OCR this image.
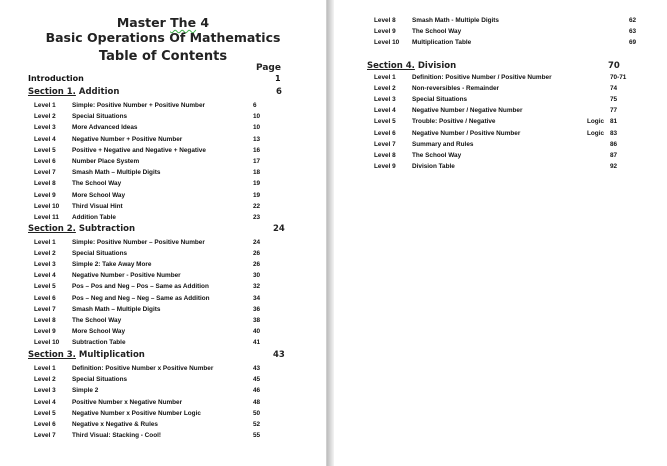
Master The 4
Basic Operations Of Mathematics
Table of Contents
Page
Introduction	1
Section 1. Addition	6
Level 1	Simple: Positive Number + Positive Number	6
Level 2	Special Situations	10
Level 3	More Advanced Ideas	10
Level 4	Negative Number + Positive Number	13
Level 5	Positive + Negative and Negative + Negative	16
Level 6	Number Place System	17
Level 7	Smash Math – Multiple Digits	18
Level 8	The School Way	19
Level 9	More School Way	19
Level 10 Third Visual Hint	22
Level 11 Addition Table	23
Section 2. Subtraction	24
Level 1	Simple: Positive Number – Positive Number	24
Level 2	Special Situations	26
Level 3	Simple 2: Take Away More	26
Level 4	Negative Number - Positive Number	30
Level 5	Pos – Pos and Neg – Pos – Same as Addition	32
Level 6	Pos – Neg and Neg – Neg – Same as Addition	34
Level 7	Smash Math – Multiple Digits	36
Level 8	The School Way	38
Level 9	More School Way	40
Level 10 Subtraction Table	41
Section 3. Multiplication	43
Level 1	Definition: Positive Number x Positive Number	43
Level 2	Special Situations	45
Level 3	Simple 2	46
Level 4	Positive Number x Negative Number	48
Level 5	Negative Number x Positive Number Logic	50
Level 6	Negative x Negative & Rules	52
Level 7	Third Visual: Stacking - Cool!	55
Level 8	Smash Math - Multiple Digits	62
Level 9	The School Way	63
Level 10 Multiplication Table	69
Section 4. Division	70
Level 1	Definition: Positive Number / Positive Number	70-71
Level 2	Non-reversibles - Remainder	74
Level 3	Special Situations	75
Level 4	Negative Number / Negative Number	77
Level 5	Trouble: Positive / Negative	Logic 81
Level 6	Negative Number / Positive Number	Logic 83
Level 7	Summary and Rules	86
Level 8	The School Way	87
Level 9	Division Table	92
